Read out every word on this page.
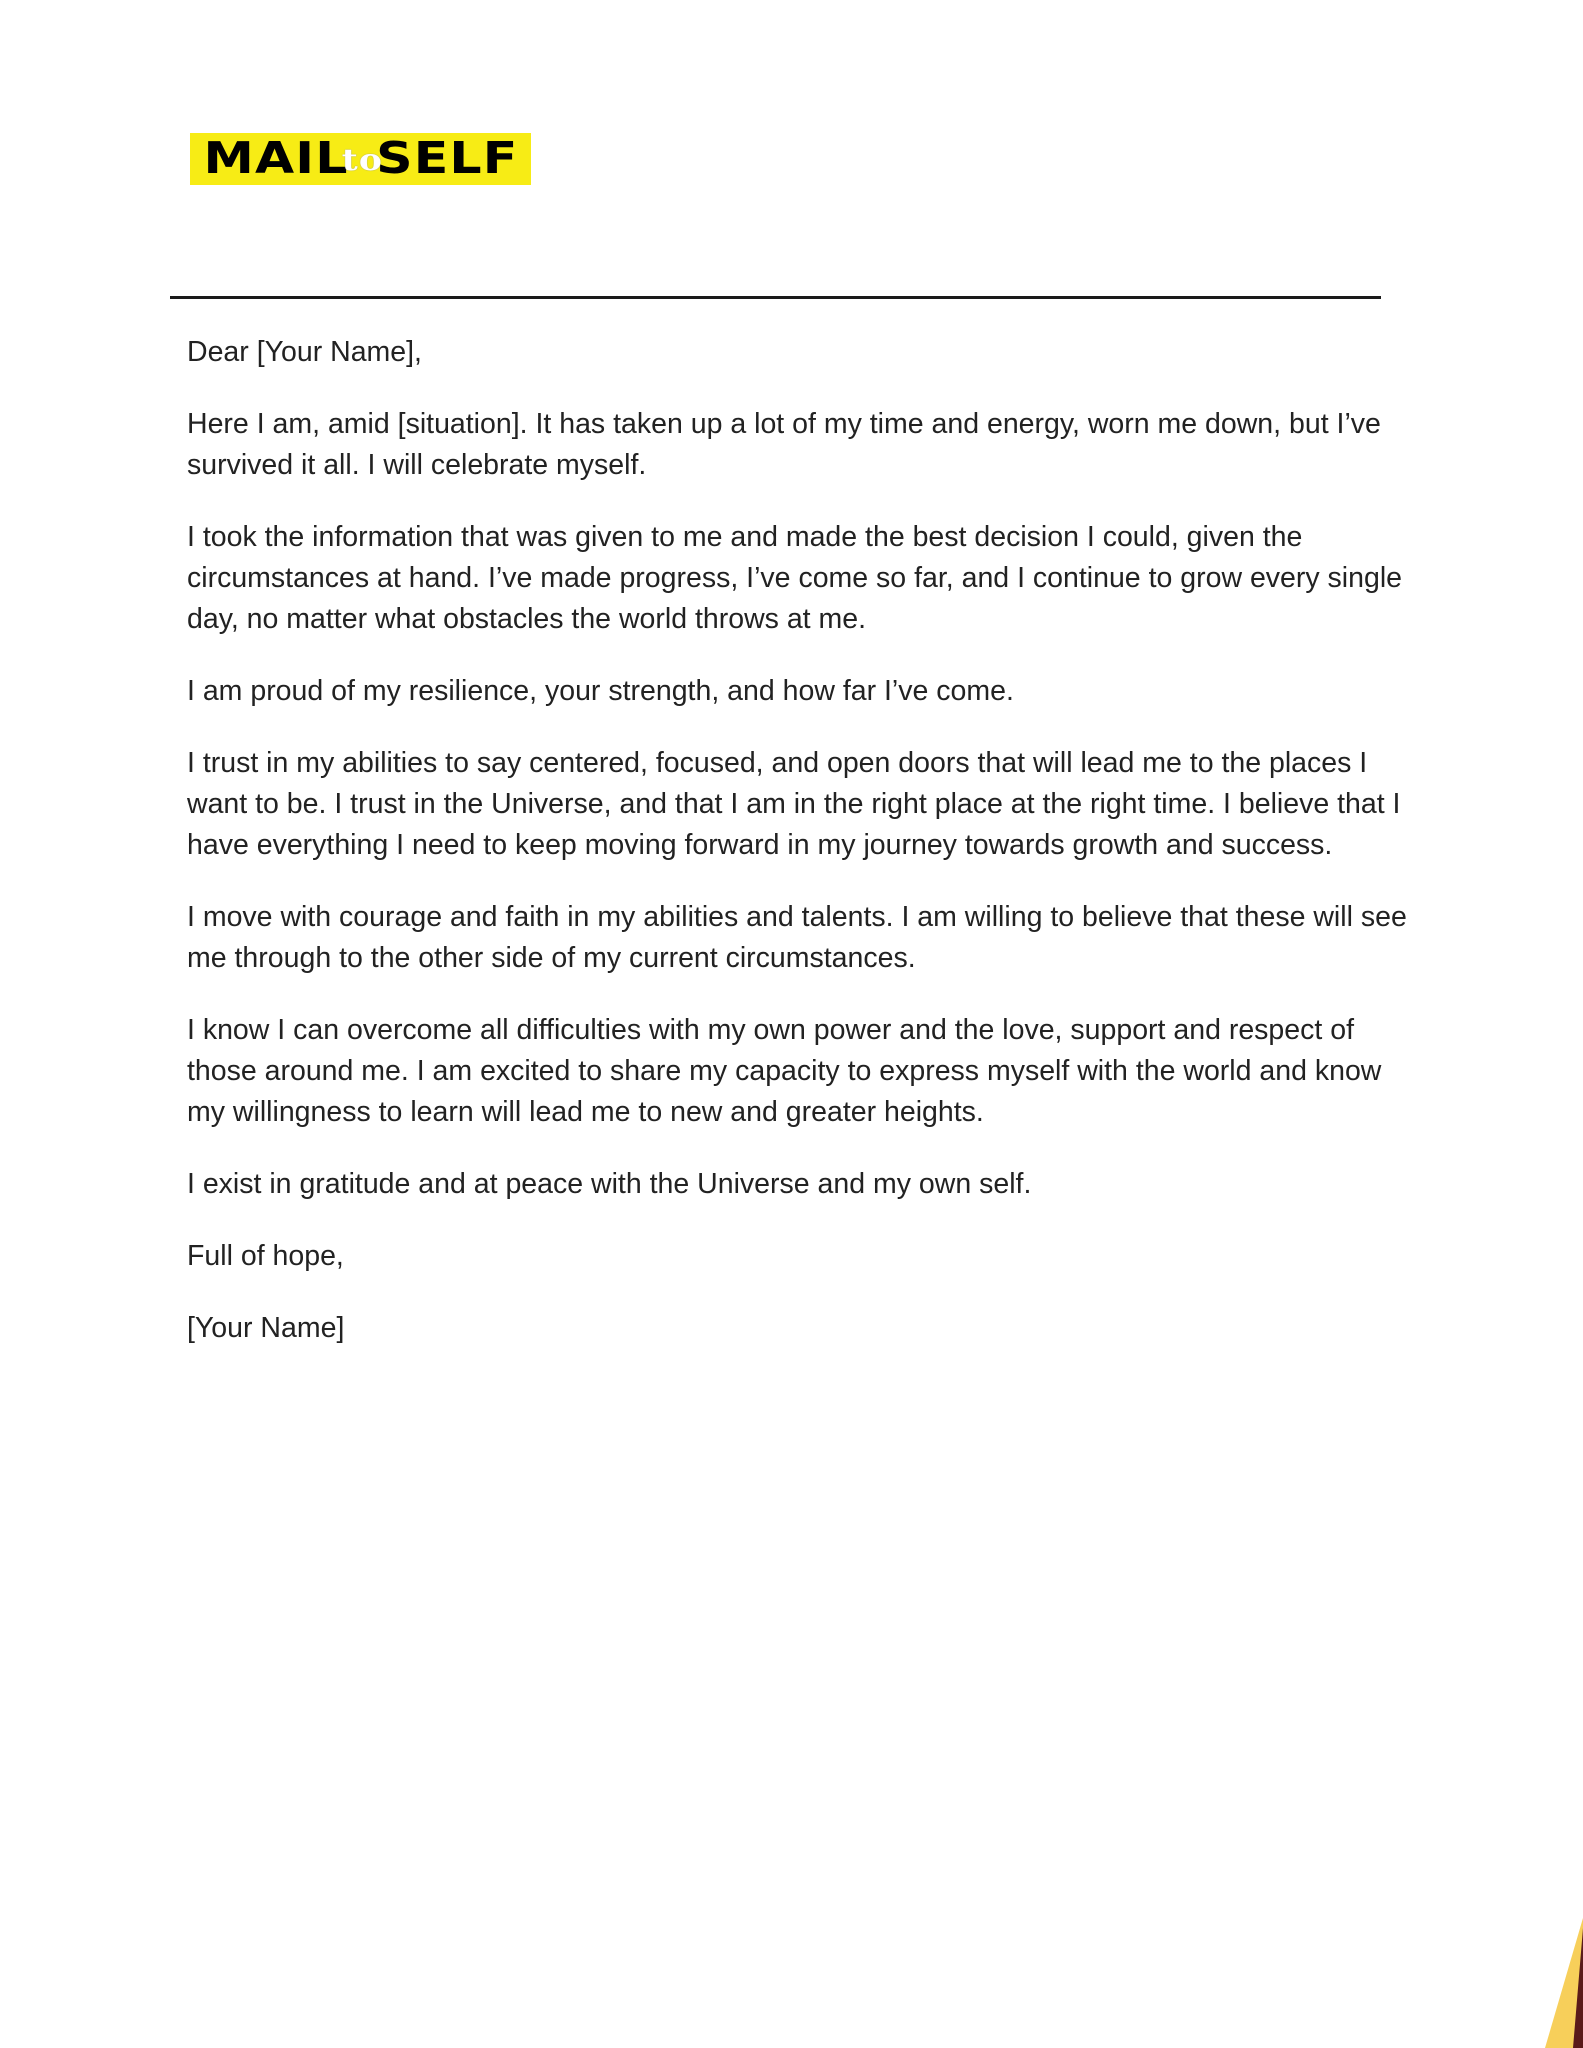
MAIL
to
SELF

Dear [Your Name],

Here I am, amid [situation]. It has taken up a lot of my time and energy, worn me down, but I’ve survived it all. I will celebrate myself.

I took the information that was given to me and made the best decision I could, given the circumstances at hand. I’ve made progress, I’ve come so far, and I continue to grow every single day, no matter what obstacles the world throws at me.

I am proud of my resilience, your strength, and how far I’ve come.

I trust in my abilities to say centered, focused, and open doors that will lead me to the places I want to be. I trust in the Universe, and that I am in the right place at the right time. I believe that I have everything I need to keep moving forward in my journey towards growth and success.

I move with courage and faith in my abilities and talents. I am willing to believe that these will see me through to the other side of my current circumstances.

I know I can overcome all difficulties with my own power and the love, support and respect of those around me. I am excited to share my capacity to express myself with the world and know my willingness to learn will lead me to new and greater heights.

I exist in gratitude and at peace with the Universe and my own self.

Full of hope,

[Your Name]
